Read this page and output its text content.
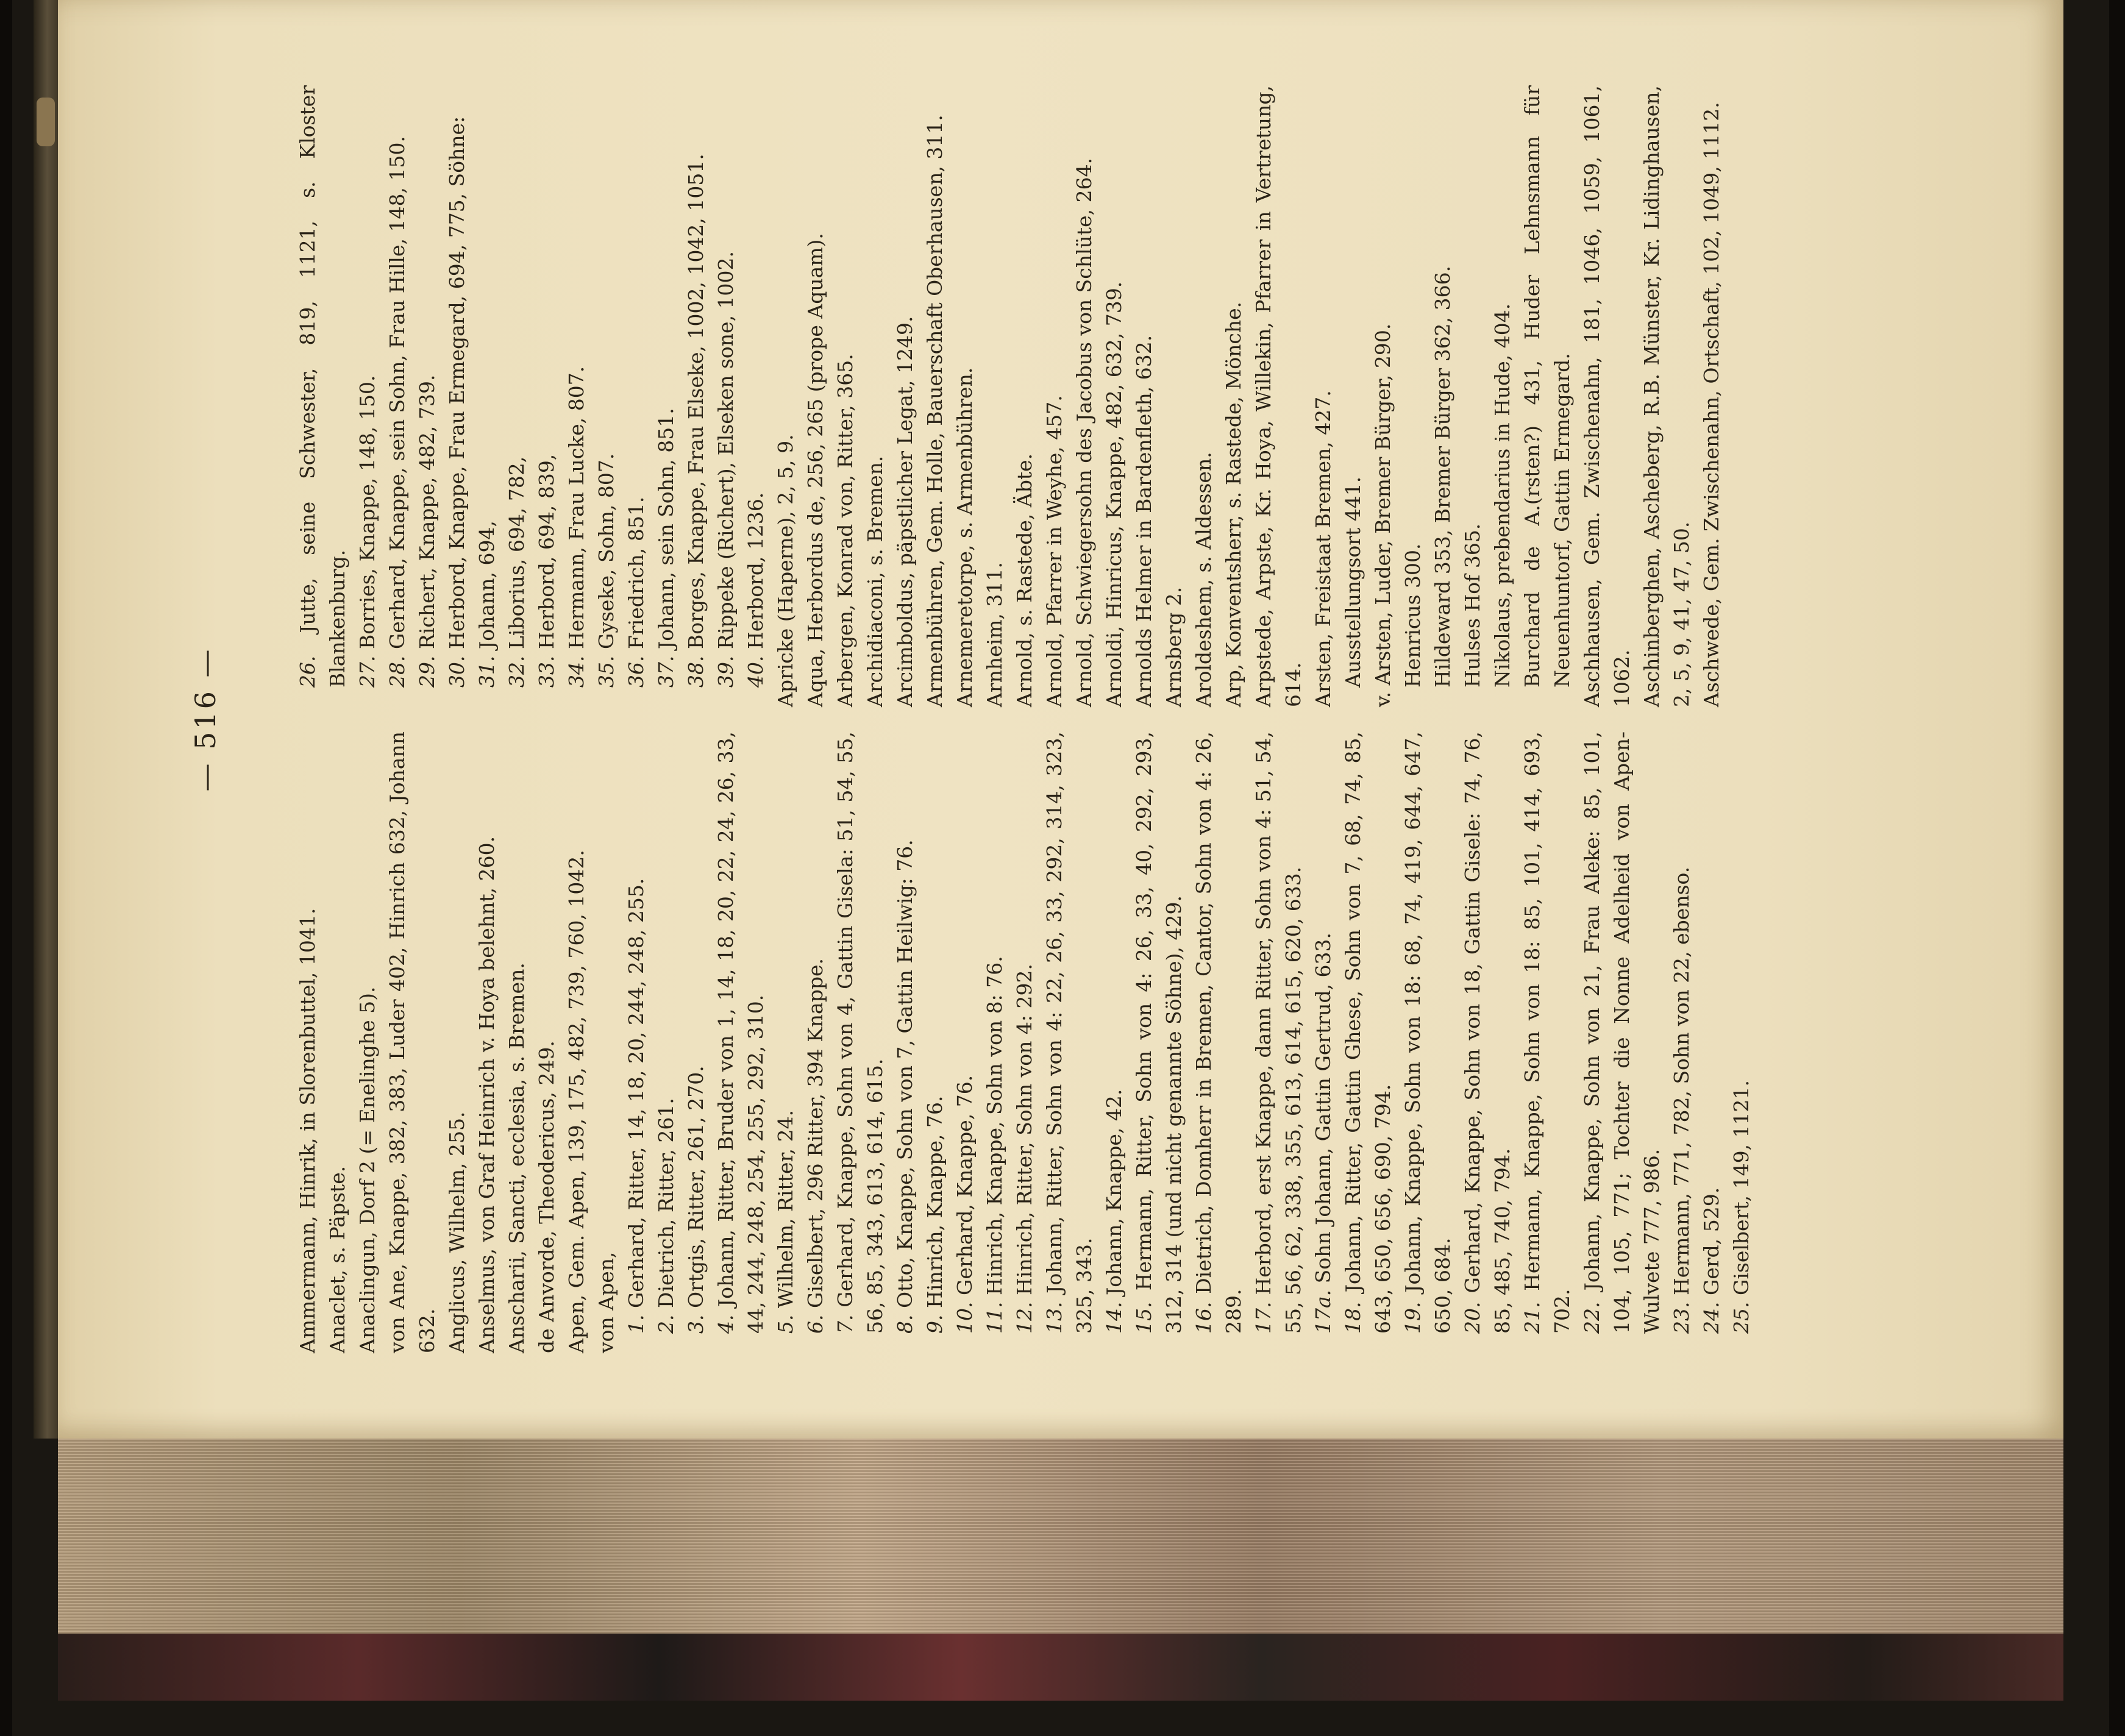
— 516 —

Ammermann, Hinrik, in Slorenbuttel, 1041. Anaclet, s. Päpste. Anaclingun, Dorf 2 (= Enelinghe 5). von Ane, Knappe, 382, 383, Luder 402, Hinrich 632, Johann 632. Anglicus, Wilhelm, 255. Anselmus, von Graf Heinrich v. Hoya belehnt, 260. Anscharii, Sancti, ecclesia, s. Bremen. de Anvorde, Theodericus, 249. Apen, Gem. Apen, 139, 175, 482, 739, 760, 1042. von Apen, 1. Gerhard, Ritter, 14, 18, 20, 244, 248, 255.

2. Dietrich, Ritter, 261.

3. Ortgis, Ritter, 261, 270.

4. Johann, Ritter, Bruder von 1, 14, 18, 20, 22, 24, 26, 33, 44, 244, 248, 254, 255, 292, 310. 5. Wilhelm, Ritter, 24.

6. Giselbert, 296 Ritter, 394 Knappe.

7. Gerhard, Knappe, Sohn von 4, Gattin Gisela: 51, 54, 55, 56, 85, 343, 613, 614, 615. 8. Otto, Knappe, Sohn von 7, Gattin Heilwig: 76.

9. Hinrich, Knappe, 76.

10. Gerhard, Knappe, 76.

11. Hinrich, Knappe, Sohn von 8: 76.

12. Hinrich, Ritter, Sohn von 4: 292.

13. Johann, Ritter, Sohn von 4: 22, 26, 33, 292, 314, 323, 325, 343. 14. Johann, Knappe, 42.

15. Hermann, Ritter, Sohn von 4: 26, 33, 40, 292, 293, 312, 314 (und nicht genannte Söhne), 429. 16. Dietrich, Domherr in Bremen, Cantor, Sohn von 4: 26, 289. 17. Herbord, erst Knappe, dann Ritter, Sohn von 4: 51, 54, 55, 56, 62, 338, 355, 613, 614, 615, 620, 633. 17a. Sohn Johann, Gattin Gertrud, 633.

18. Johann, Ritter, Gattin Ghese, Sohn von 7, 68, 74, 85, 643, 650, 656, 690, 794. 19. Johann, Knappe, Sohn von 18: 68, 74, 419, 644, 647, 650, 684. 20. Gerhard, Knappe, Sohn von 18, Gattin Gisele: 74, 76, 85, 485, 740, 794. 21. Hermann, Knappe, Sohn von 18: 85, 101, 414, 693, 702. 22. Johann, Knappe, Sohn von 21, Frau Aleke: 85, 101, 104, 105, 771; Tochter die Nonne Adelheid von Apen-Wulvete 777, 986. 23. Hermann, 771, 782, Sohn von 22, ebenso.

24. Gerd, 529.

25. Giselbert, 149, 1121.

26. Jutte, seine Schwester, 819, 1121, s. Kloster Blankenburg. 27. Borries, Knappe, 148, 150.

28. Gerhard, Knappe, sein Sohn, Frau Hille, 148, 150.

29. Richert, Knappe, 482, 739.

30. Herbord, Knappe, Frau Ermegard, 694, 775, Söhne:

31. Johann, 694,

32. Liborius, 694, 782,

33. Herbord, 694, 839,

34. Hermann, Frau Lucke, 807.

35. Gyseke, Sohn, 807.

36. Friedrich, 851.

37. Johann, sein Sohn, 851.

38. Borges, Knappe, Frau Elseke, 1002, 1042, 1051.

39. Rippeke (Richert), Elseken sone, 1002.

40. Herbord, 1236. Apricke (Haperne), 2, 5, 9. Aqua, Herbordus de, 256, 265 (prope Aquam). Arbergen, Konrad von, Ritter, 365. Archidiaconi, s. Bremen. Arcimboldus, päpstlicher Legat, 1249. Armenbühren, Gem. Holle, Bauerschaft Oberhausen, 311. Arnemeretorpe, s. Armenbühren. Arnheim, 311. Arnold, s. Rastede, Äbte. Arnold, Pfarrer in Weyhe, 457. Arnold, Schwiegersohn des Jacobus von Schlüte, 264. Arnoldi, Hinricus, Knappe, 482, 632, 739. Arnolds Helmer in Bardenfleth, 632. Arnsberg 2. Aroldeshem, s. Aldessen. Arp, Konventsherr, s. Rastede, Mönche. Arpstede, Arpste, Kr. Hoya, Willekin, Pfarrer in Vertretung, 614. Arsten, Freistaat Bremen, 427. Ausstellungsort 441. v. Arsten, Luder, Bremer Bürger, 290. Henricus 300. Hildeward 353, Bremer Bürger 362, 366. Hulses Hof 365. Nikolaus, prebendarius in Hude, 404. Burchard de A.(rsten?) 431, Huder Lehnsmann für Neuenhuntorf, Gattin Ermegard. Aschhausen, Gem. Zwischenahn, 181, 1046, 1059, 1061, 1062. Aschinberghen, Ascheberg, R.B. Münster, Kr. Lidinghausen, 2, 5, 9, 41, 47, 50. Aschwede, Gem. Zwischenahn, Ortschaft, 102, 1049, 1112.
